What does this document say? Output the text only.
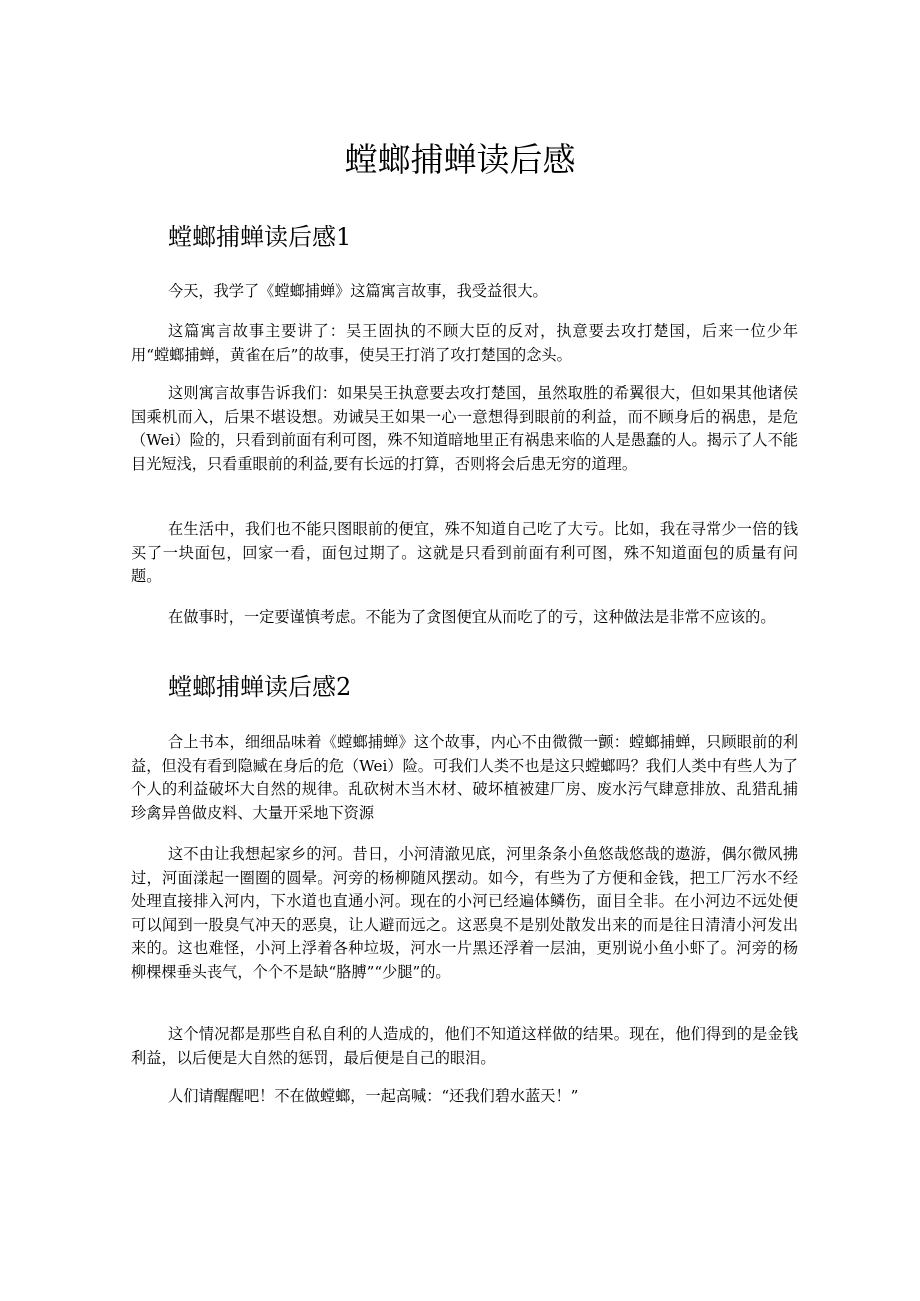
螳螂捕蝉读后感
螳螂捕蝉读后感1

今天，我学了《螳螂捕蝉》这篇寓言故事，我受益很大。

这篇寓言故事主要讲了：吴王固执的不顾大臣的反对，执意要去攻打楚国，后来一位少年用“螳螂捕蝉，黄雀在后”的故事，使吴王打消了攻打楚国的念头。

这则寓言故事告诉我们：如果吴王执意要去攻打楚国，虽然取胜的希翼很大，但如果其他诸侯国乘机而入，后果不堪设想。劝诫吴王如果一心一意想得到眼前的利益，而不顾身后的祸患，是危（Wei）险的，只看到前面有利可图，殊不知道暗地里正有祸患来临的人是愚蠢的人。揭示了人不能目光短浅，只看重眼前的利益,要有长远的打算，否则将会后患无穷的道理。

在生活中，我们也不能只图眼前的便宜，殊不知道自己吃了大亏。比如，我在寻常少一倍的钱买了一块面包，回家一看，面包过期了。这就是只看到前面有利可图，殊不知道面包的质量有问题。

在做事时，一定要谨慎考虑。不能为了贪图便宜从而吃了的亏，这种做法是非常不应该的。

螳螂捕蝉读后感2

合上书本，细细品味着《螳螂捕蝉》这个故事，内心不由微微一颤：螳螂捕蝉，只顾眼前的利益，但没有看到隐臧在身后的危（Wei）险。可我们人类不也是这只螳螂吗？我们人类中有些人为了个人的利益破坏大自然的规律。乱砍树木当木材、破坏植被建厂房、废水污气肆意排放、乱猎乱捕珍禽异兽做皮料、大量开采地下资源

这不由让我想起家乡的河。昔日，小河清澈见底，河里条条小鱼悠哉悠哉的遨游，偶尔微风拂过，河面漾起一圈圈的圆晕。河旁的杨柳随风摆动。如今，有些为了方便和金钱，把工厂污水不经处理直接排入河内，下水道也直通小河。现在的小河已经遍体鳞伤，面目全非。在小河边不远处便可以闻到一股臭气冲天的恶臭，让人避而远之。这恶臭不是别处散发出来的而是往日清清小河发出来的。这也难怪，小河上浮着各种垃圾，河水一片黑还浮着一层油，更别说小鱼小虾了。河旁的杨柳棵棵垂头丧气，个个不是缺“胳膊”“少腿”的。

这个情况都是那些自私自利的人造成的，他们不知道这样做的结果。现在，他们得到的是金钱利益，以后便是大自然的惩罚，最后便是自己的眼泪。

人们请醒醒吧！不在做螳螂，一起高喊：“还我们碧水蓝天！”
